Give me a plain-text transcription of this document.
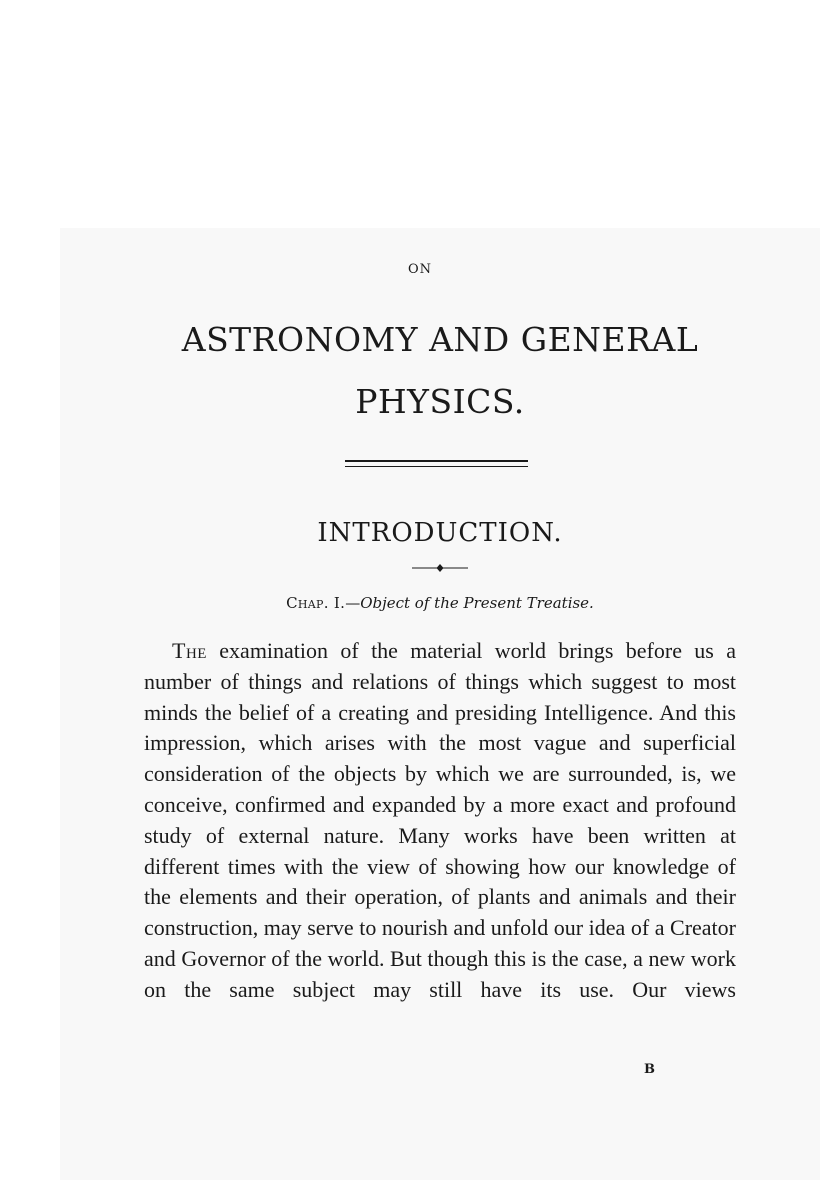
ON
ASTRONOMY AND GENERAL
PHYSICS.
INTRODUCTION.
Chap. I.—Object of the Present Treatise.

The examination of the material world brings before us a number of things and relations of things which suggest to most minds the belief of a creating and presiding Intelligence. And this impression, which arises with the most vague and superficial consideration of the objects by which we are surrounded, is, we conceive, confirmed and expanded by a more exact and profound study of external nature. Many works have been written at different times with the view of showing how our knowledge of the elements and their operation, of plants and animals and their construction, may serve to nourish and unfold our idea of a Creator and Governor of the world. But though this is the case, a new work on the same subject may still have its use. Our views

B
